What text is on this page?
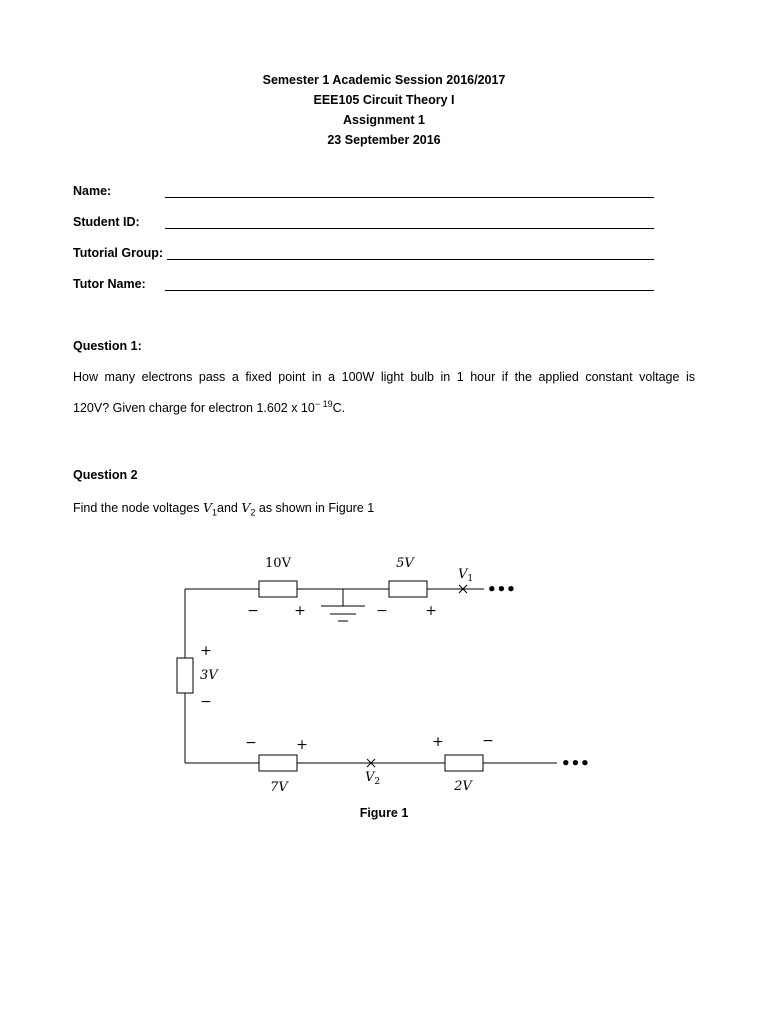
Semester 1 Academic Session 2016/2017
EEE105 Circuit Theory I
Assignment 1
23 September 2016
Name:
Student ID:
Tutorial Group:
Tutor Name:
Question 1:
How many electrons pass a fixed point in a 100W light bulb in 1 hour if the applied constant voltage is
120V? Given charge for electron 1.602 x $10^{- 19}C$.
Question 2
Find the node voltages $V_1and$ $V_2$ as shown in Figure 1
10V	5V
3V
7V	2V
−	+	−	+
+
−
−	+	+	−
$V_1$
$V_2$
•••
•••
Figure 1
